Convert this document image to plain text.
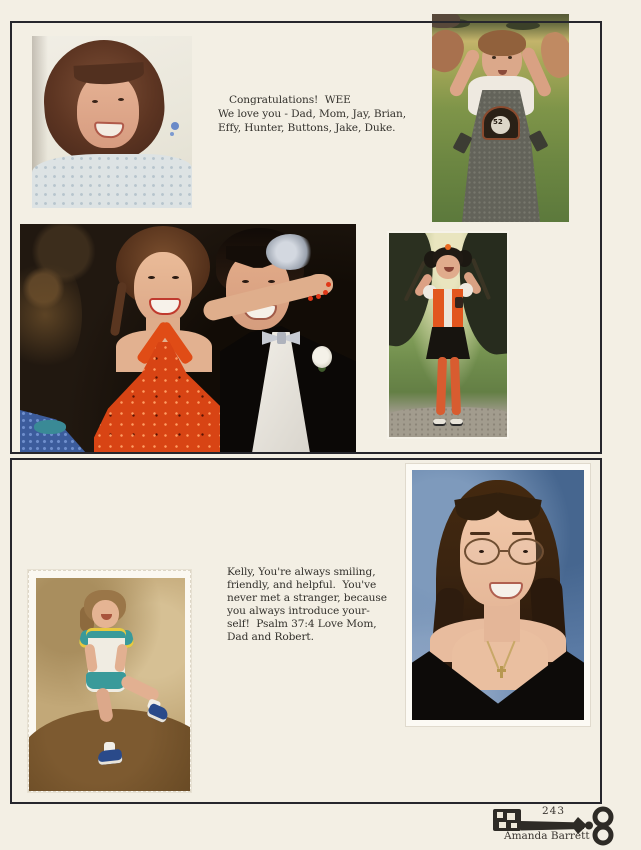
52
Congratulations!  WEE
We love you - Dad, Mom, Jay, Brian,
Effy, Hunter, Buttons, Jake, Duke.
Kelly, You're always smiling,
friendly, and helpful.  You've
never met a stranger, because
you always introduce your-
self!  Psalm 37:4 Love Mom,
Dad and Robert.
243
Amanda Barrett
